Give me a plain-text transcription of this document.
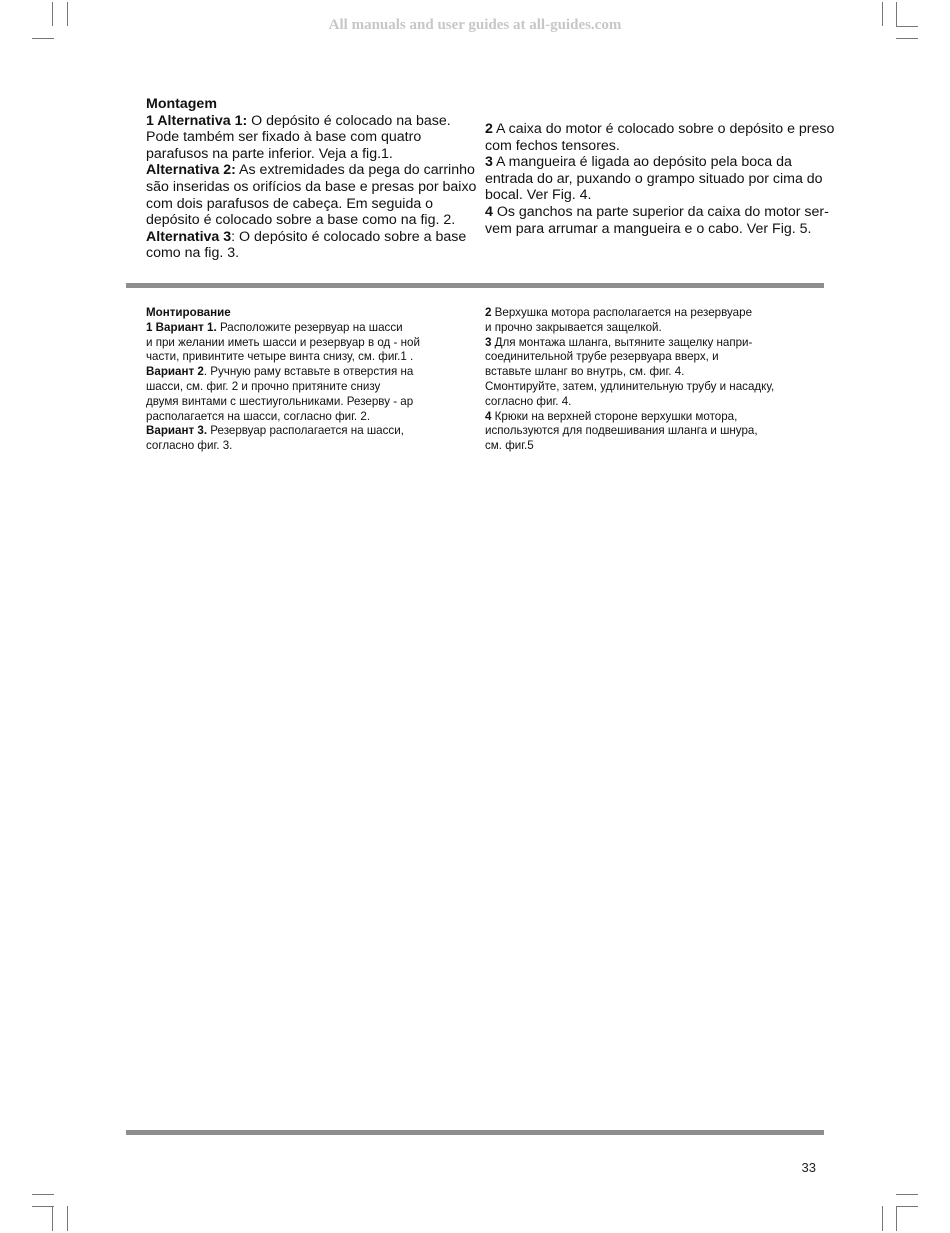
All manuals and user guides at all-guides.com

Montagem

1 Alternativa 1: O depósito é colocado na base.

Pode também ser fixado à base com quatro

parafusos na parte inferior. Veja a fig.1.

Alternativa 2: As extremidades da pega do carrinho

são inseridas os orifícios da base e presas por baixo

com dois parafusos de cabeça. Em seguida o

depósito é colocado sobre a base como na fig. 2.

Alternativa 3: O depósito é colocado sobre a base

como na fig. 3.

2 A caixa do motor é colocado sobre o depósito e preso

com fechos tensores.

3 A mangueira é ligada ao depósito pela boca da

entrada do ar, puxando o grampo situado por cima do

bocal. Ver Fig. 4.

4 Os ganchos na parte superior da caixa do motor ser-

vem para arrumar a mangueira e o cabo. Ver Fig. 5.

Монтирование

1 Вариант 1. Расположите резервуар на шасси

и при желании иметь шасси и резервуар в од - ной

части, привинтите четыре винта снизу, см. фиг.1 .

Вариант 2. Ручную раму вставьте в отверстия на

шасси, см. фиг. 2 и прочно притяните снизу

двумя винтами с шестиугольниками. Резерву - ар

располагается на шасси, согласно фиг. 2.

Вариант 3. Резервуар располагается на шасси,

согласно фиг. 3.

2 Верхушка мотора располагается на резервуаре

и прочно закрывается защелкой.

3 Для монтажа шланга, вытяните защелку напри-

соединительной трубе резервуара вверх, и

вставьте шланг во внутрь, см. фиг. 4.

Смонтируйте, затем, удлинительную трубу и насадку,

согласно фиг. 4.

4 Крюки на верхней стороне верхушки мотора,

используются для подвешивания шланга и шнура,

см. фиг.5

33
